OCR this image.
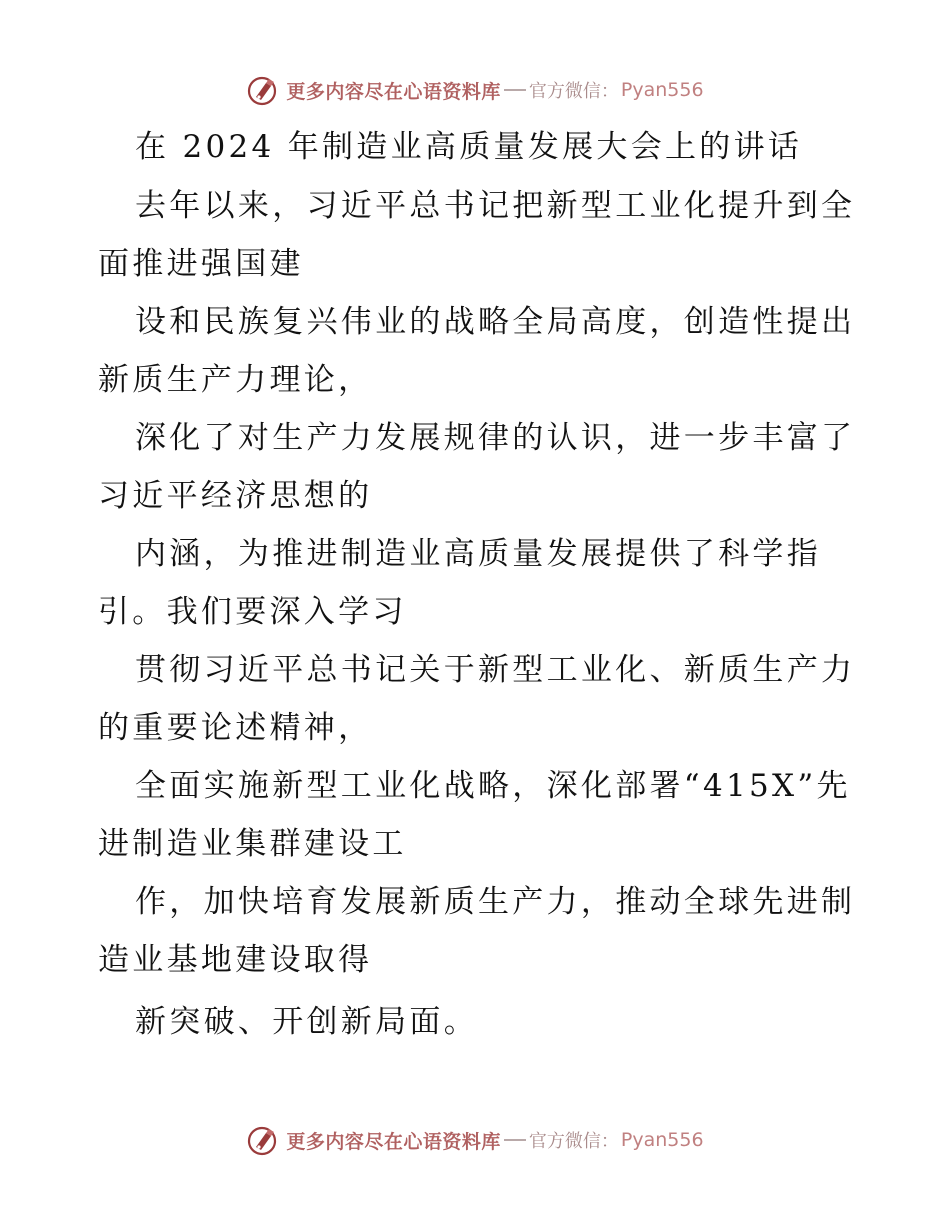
更多内容尽在心语资料库 官方微信： Pyan556
在 2024 年制造业高质量发展大会上的讲话
去年以来，习近平总书记把新型工业化提升到全
面推进强国建
设和民族复兴伟业的战略全局高度，创造性提出
新质生产力理论，
深化了对生产力发展规律的认识，进一步丰富了
习近平经济思想的
内涵，为推进制造业高质量发展提供了科学指
引。我们要深入学习
贯彻习近平总书记关于新型工业化、新质生产力
的重要论述精神，
全面实施新型工业化战略，深化部署“415X”先
进制造业集群建设工
作，加快培育发展新质生产力，推动全球先进制
造业基地建设取得
新突破、开创新局面。
更多内容尽在心语资料库 官方微信： Pyan556
